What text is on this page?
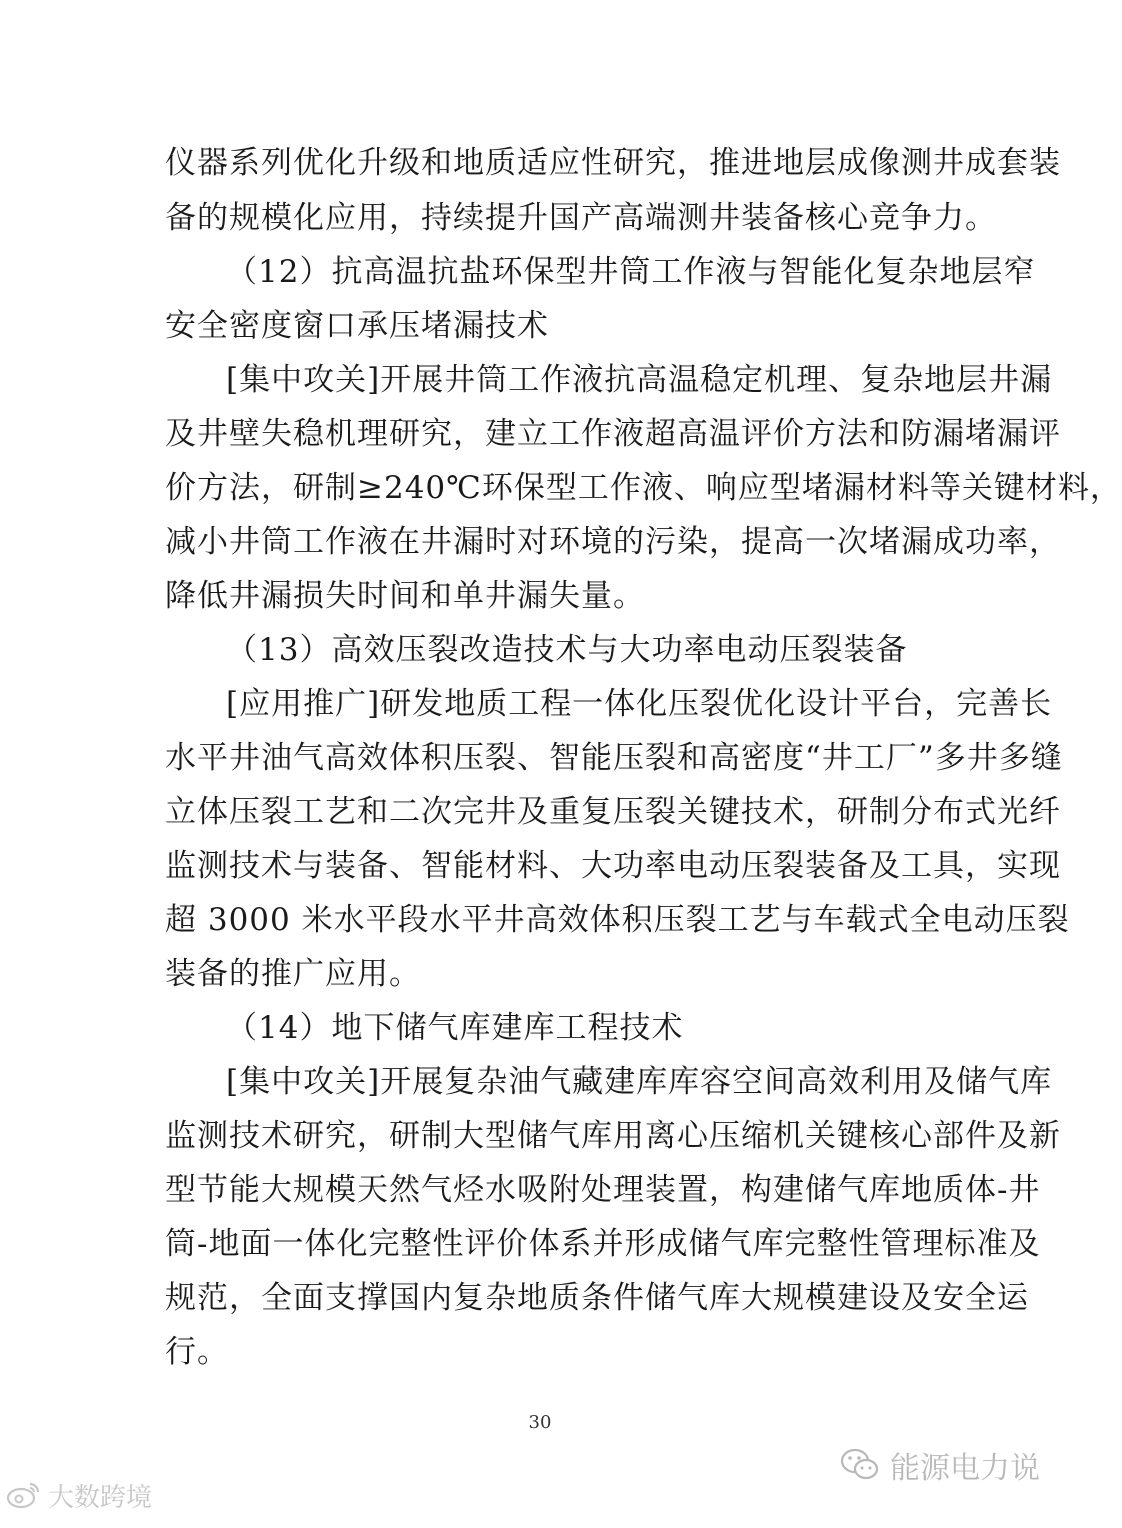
仪器系列优化升级和地质适应性研究，推进地层成像测井成套装
备的规模化应用，持续提升国产高端测井装备核心竞争力。
（12）抗高温抗盐环保型井筒工作液与智能化复杂地层窄
安全密度窗口承压堵漏技术
[集中攻关]开展井筒工作液抗高温稳定机理、复杂地层井漏
及井壁失稳机理研究，建立工作液超高温评价方法和防漏堵漏评
价方法，研制≥240℃环保型工作液、响应型堵漏材料等关键材料，
减小井筒工作液在井漏时对环境的污染，提高一次堵漏成功率，
降低井漏损失时间和单井漏失量。
（13）高效压裂改造技术与大功率电动压裂装备
[应用推广]研发地质工程一体化压裂优化设计平台，完善长
水平井油气高效体积压裂、智能压裂和高密度“井工厂”多井多缝
立体压裂工艺和二次完井及重复压裂关键技术，研制分布式光纤
监测技术与装备、智能材料、大功率电动压裂装备及工具，实现
超 3000 米水平段水平井高效体积压裂工艺与车载式全电动压裂
装备的推广应用。
（14）地下储气库建库工程技术
[集中攻关]开展复杂油气藏建库库容空间高效利用及储气库
监测技术研究，研制大型储气库用离心压缩机关键核心部件及新
型节能大规模天然气烃水吸附处理装置，构建储气库地质体-井
筒-地面一体化完整性评价体系并形成储气库完整性管理标准及
规范，全面支撑国内复杂地质条件储气库大规模建设及安全运
行。
30
能源电力说
大数跨境
